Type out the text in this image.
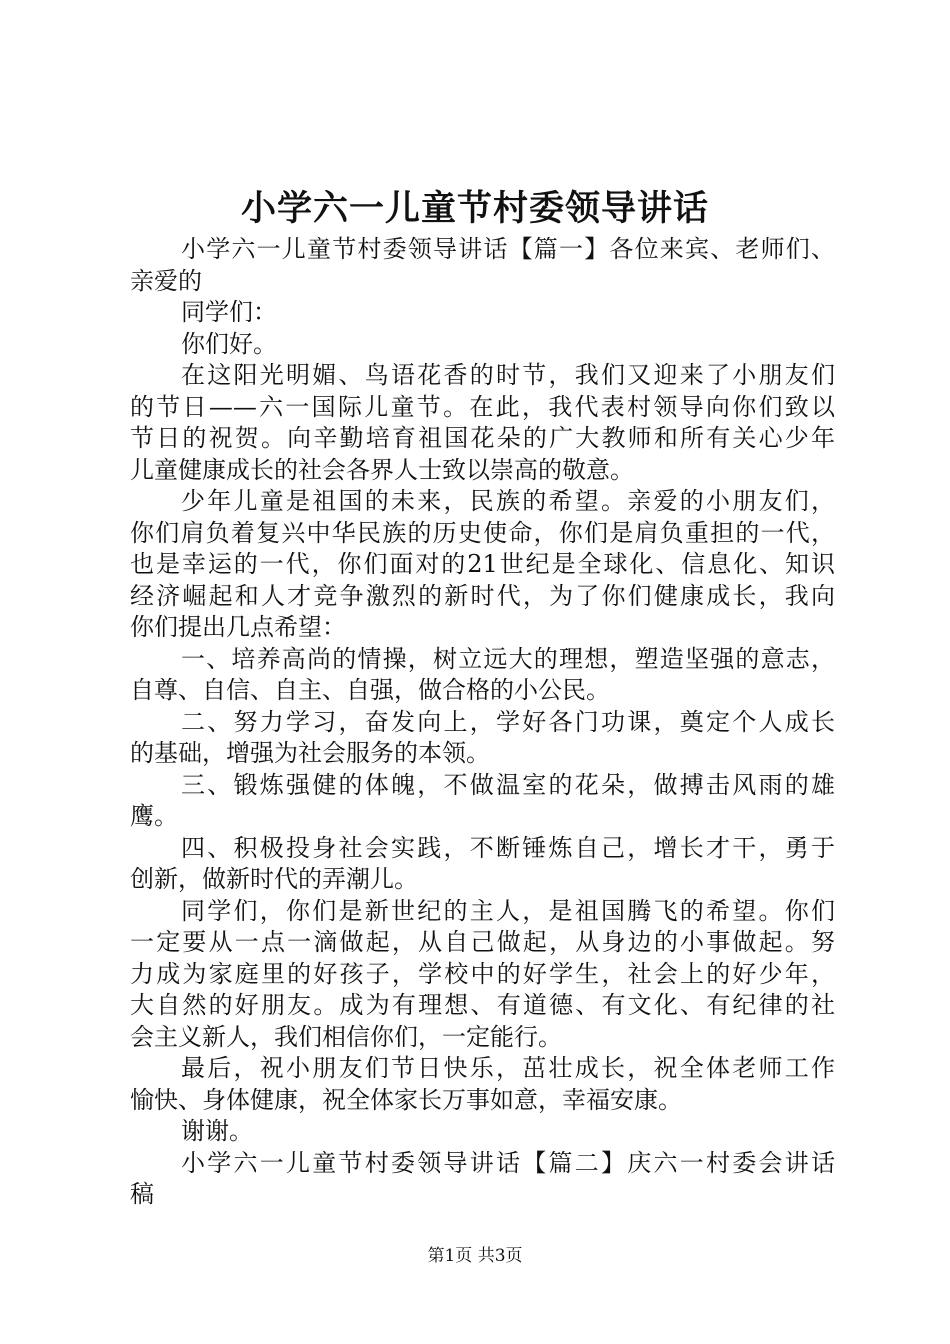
小学六一儿童节村委领导讲话
小学六一儿童节村委领导讲话【篇一】各位来宾、老师们、
亲爱的
同学们：
你们好。
在这阳光明媚、鸟语花香的时节，我们又迎来了小朋友们
的节日——六一国际儿童节。在此，我代表村领导向你们致以
节日的祝贺。向辛勤培育祖国花朵的广大教师和所有关心少年
儿童健康成长的社会各界人士致以崇高的敬意。
少年儿童是祖国的未来，民族的希望。亲爱的小朋友们，
你们肩负着复兴中华民族的历史使命，你们是肩负重担的一代，
也是幸运的一代，你们面对的21世纪是全球化、信息化、知识
经济崛起和人才竞争激烈的新时代，为了你们健康成长，我向
你们提出几点希望：
一、培养高尚的情操，树立远大的理想，塑造坚强的意志，
自尊、自信、自主、自强，做合格的小公民。
二、努力学习，奋发向上，学好各门功课，奠定个人成长
的基础，增强为社会服务的本领。
三、锻炼强健的体魄，不做温室的花朵，做搏击风雨的雄
鹰。
四、积极投身社会实践，不断锤炼自己，增长才干，勇于
创新，做新时代的弄潮儿。
同学们，你们是新世纪的主人，是祖国腾飞的希望。你们
一定要从一点一滴做起，从自己做起，从身边的小事做起。努
力成为家庭里的好孩子，学校中的好学生，社会上的好少年，
大自然的好朋友。成为有理想、有道德、有文化、有纪律的社
会主义新人，我们相信你们，一定能行。
最后，祝小朋友们节日快乐，茁壮成长，祝全体老师工作
愉快、身体健康，祝全体家长万事如意，幸福安康。
谢谢。
小学六一儿童节村委领导讲话【篇二】庆六一村委会讲话
稿
第1页 共3页
